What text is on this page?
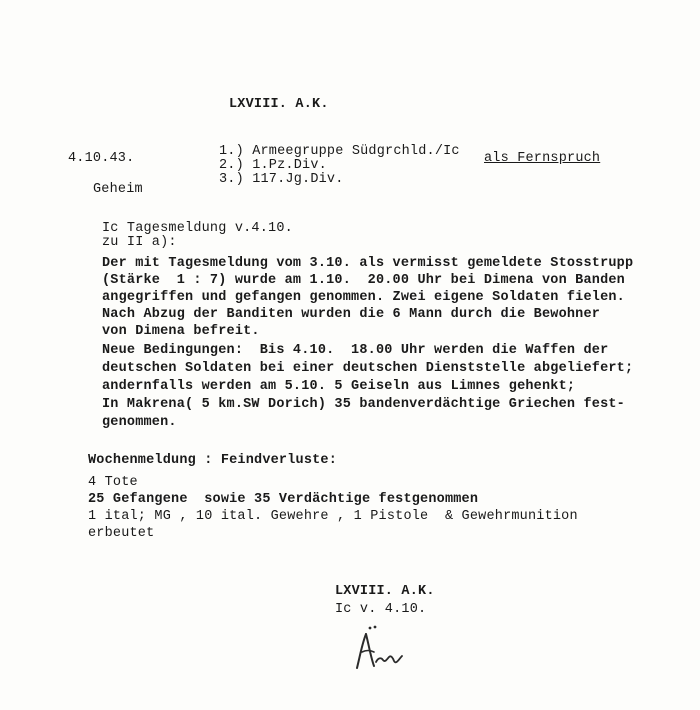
LXVIII. A.K.
4.10.43.	1.) Armeegruppe Südgrchld./Ic
2.) 1.Pz.Div.
3.) 117.Jg.Div.
als Fernspruch
Geheim
Ic Tagesmeldung v.4.10.
zu II a):
Der mit Tagesmeldung vom 3.10. als vermisst gemeldete Stosstrupp
(Stärke  1 : 7) wurde am 1.10.  20.00 Uhr bei Dimena von Banden
angegriffen und gefangen genommen. Zwei eigene Soldaten fielen.
Nach Abzug der Banditen wurden die 6 Mann durch die Bewohner
von Dimena befreit.
Neue Bedingungen:  Bis 4.10.  18.00 Uhr werden die Waffen der
deutschen Soldaten bei einer deutschen Dienststelle abgeliefert;
andernfalls werden am 5.10. 5 Geiseln aus Limnes gehenkt;
In Makrena( 5 km.SW Dorich) 35 bandenverdächtige Griechen fest-
genommen.
Wochenmeldung : Feindverluste:
4 Tote
25 Gefangene  sowie 35 Verdächtige festgenommen
1 ital; MG , 10 ital. Gewehre , 1 Pistole  & Gewehrmunition
erbeutet
LXVIII. A.K.
Ic v. 4.10.
